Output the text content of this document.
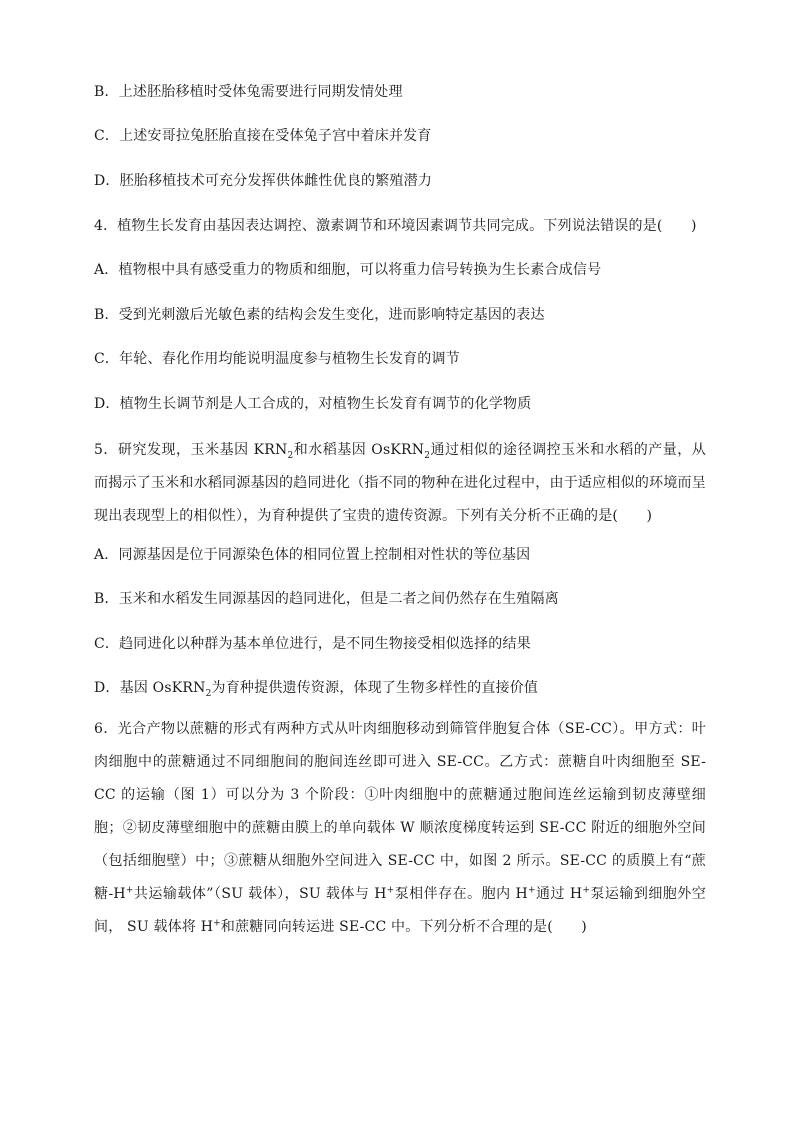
B．上述胚胎移植时受体兔需要进行同期发情处理
C．上述安哥拉兔胚胎直接在受体兔子宫中着床并发育
D．胚胎移植技术可充分发挥供体雌性优良的繁殖潜力
4．植物生长发育由基因表达调控、激素调节和环境因素调节共同完成。下列说法错误的是(　　)
A．植物根中具有感受重力的物质和细胞，可以将重力信号转换为生长素合成信号
B．受到光刺激后光敏色素的结构会发生变化，进而影响特定基因的表达
C．年轮、春化作用均能说明温度参与植物生长发育的调节
D．植物生长调节剂是人工合成的，对植物生长发育有调节的化学物质
5．研究发现，玉米基因 $KRN_2$和水稻基因 OsKRN$_2$通过相似的途径调控玉米和水稻的产量，从而揭示了玉米和水稻同源基因的趋同进化（指不同的物种在进化过程中，由于适应相似的环境而呈现出表现型上的相似性），为育种提供了宝贵的遗传资源。下列有关分析不正确的是(　　)
A．同源基因是位于同源染色体的相同位置上控制相对性状的等位基因
B．玉米和水稻发生同源基因的趋同进化，但是二者之间仍然存在生殖隔离
C．趋同进化以种群为基本单位进行，是不同生物接受相似选择的结果
D．基因 OsKRN$_2$为育种提供遗传资源，体现了生物多样性的直接价值
6．光合产物以蔗糖的形式有两种方式从叶肉细胞移动到筛管伴胞复合体（SE-CC）。甲方式：叶肉细胞中的蔗糖通过不同细胞间的胞间连丝即可进入 SE-CC。乙方式：蔗糖自叶肉细胞至 SE-CC 的运输（图 1）可以分为 3 个阶段：①叶肉细胞中的蔗糖通过胞间连丝运输到韧皮薄壁细胞；②韧皮薄壁细胞中的蔗糖由膜上的单向载体 W 顺浓度梯度转运到 SE-CC 附近的细胞外空间（包括细胞壁）中；③蔗糖从细胞外空间进入 SE-CC 中，如图 2 所示。SE-CC 的质膜上有“蔗糖-H+共运输载体”（SU 载体），SU 载体与 H+泵相伴存在。胞内 H+通过 H+泵运输到细胞外空间， SU 载体将 H+和蔗糖同向转运进 SE-CC 中。下列分析不合理的是(　　)
